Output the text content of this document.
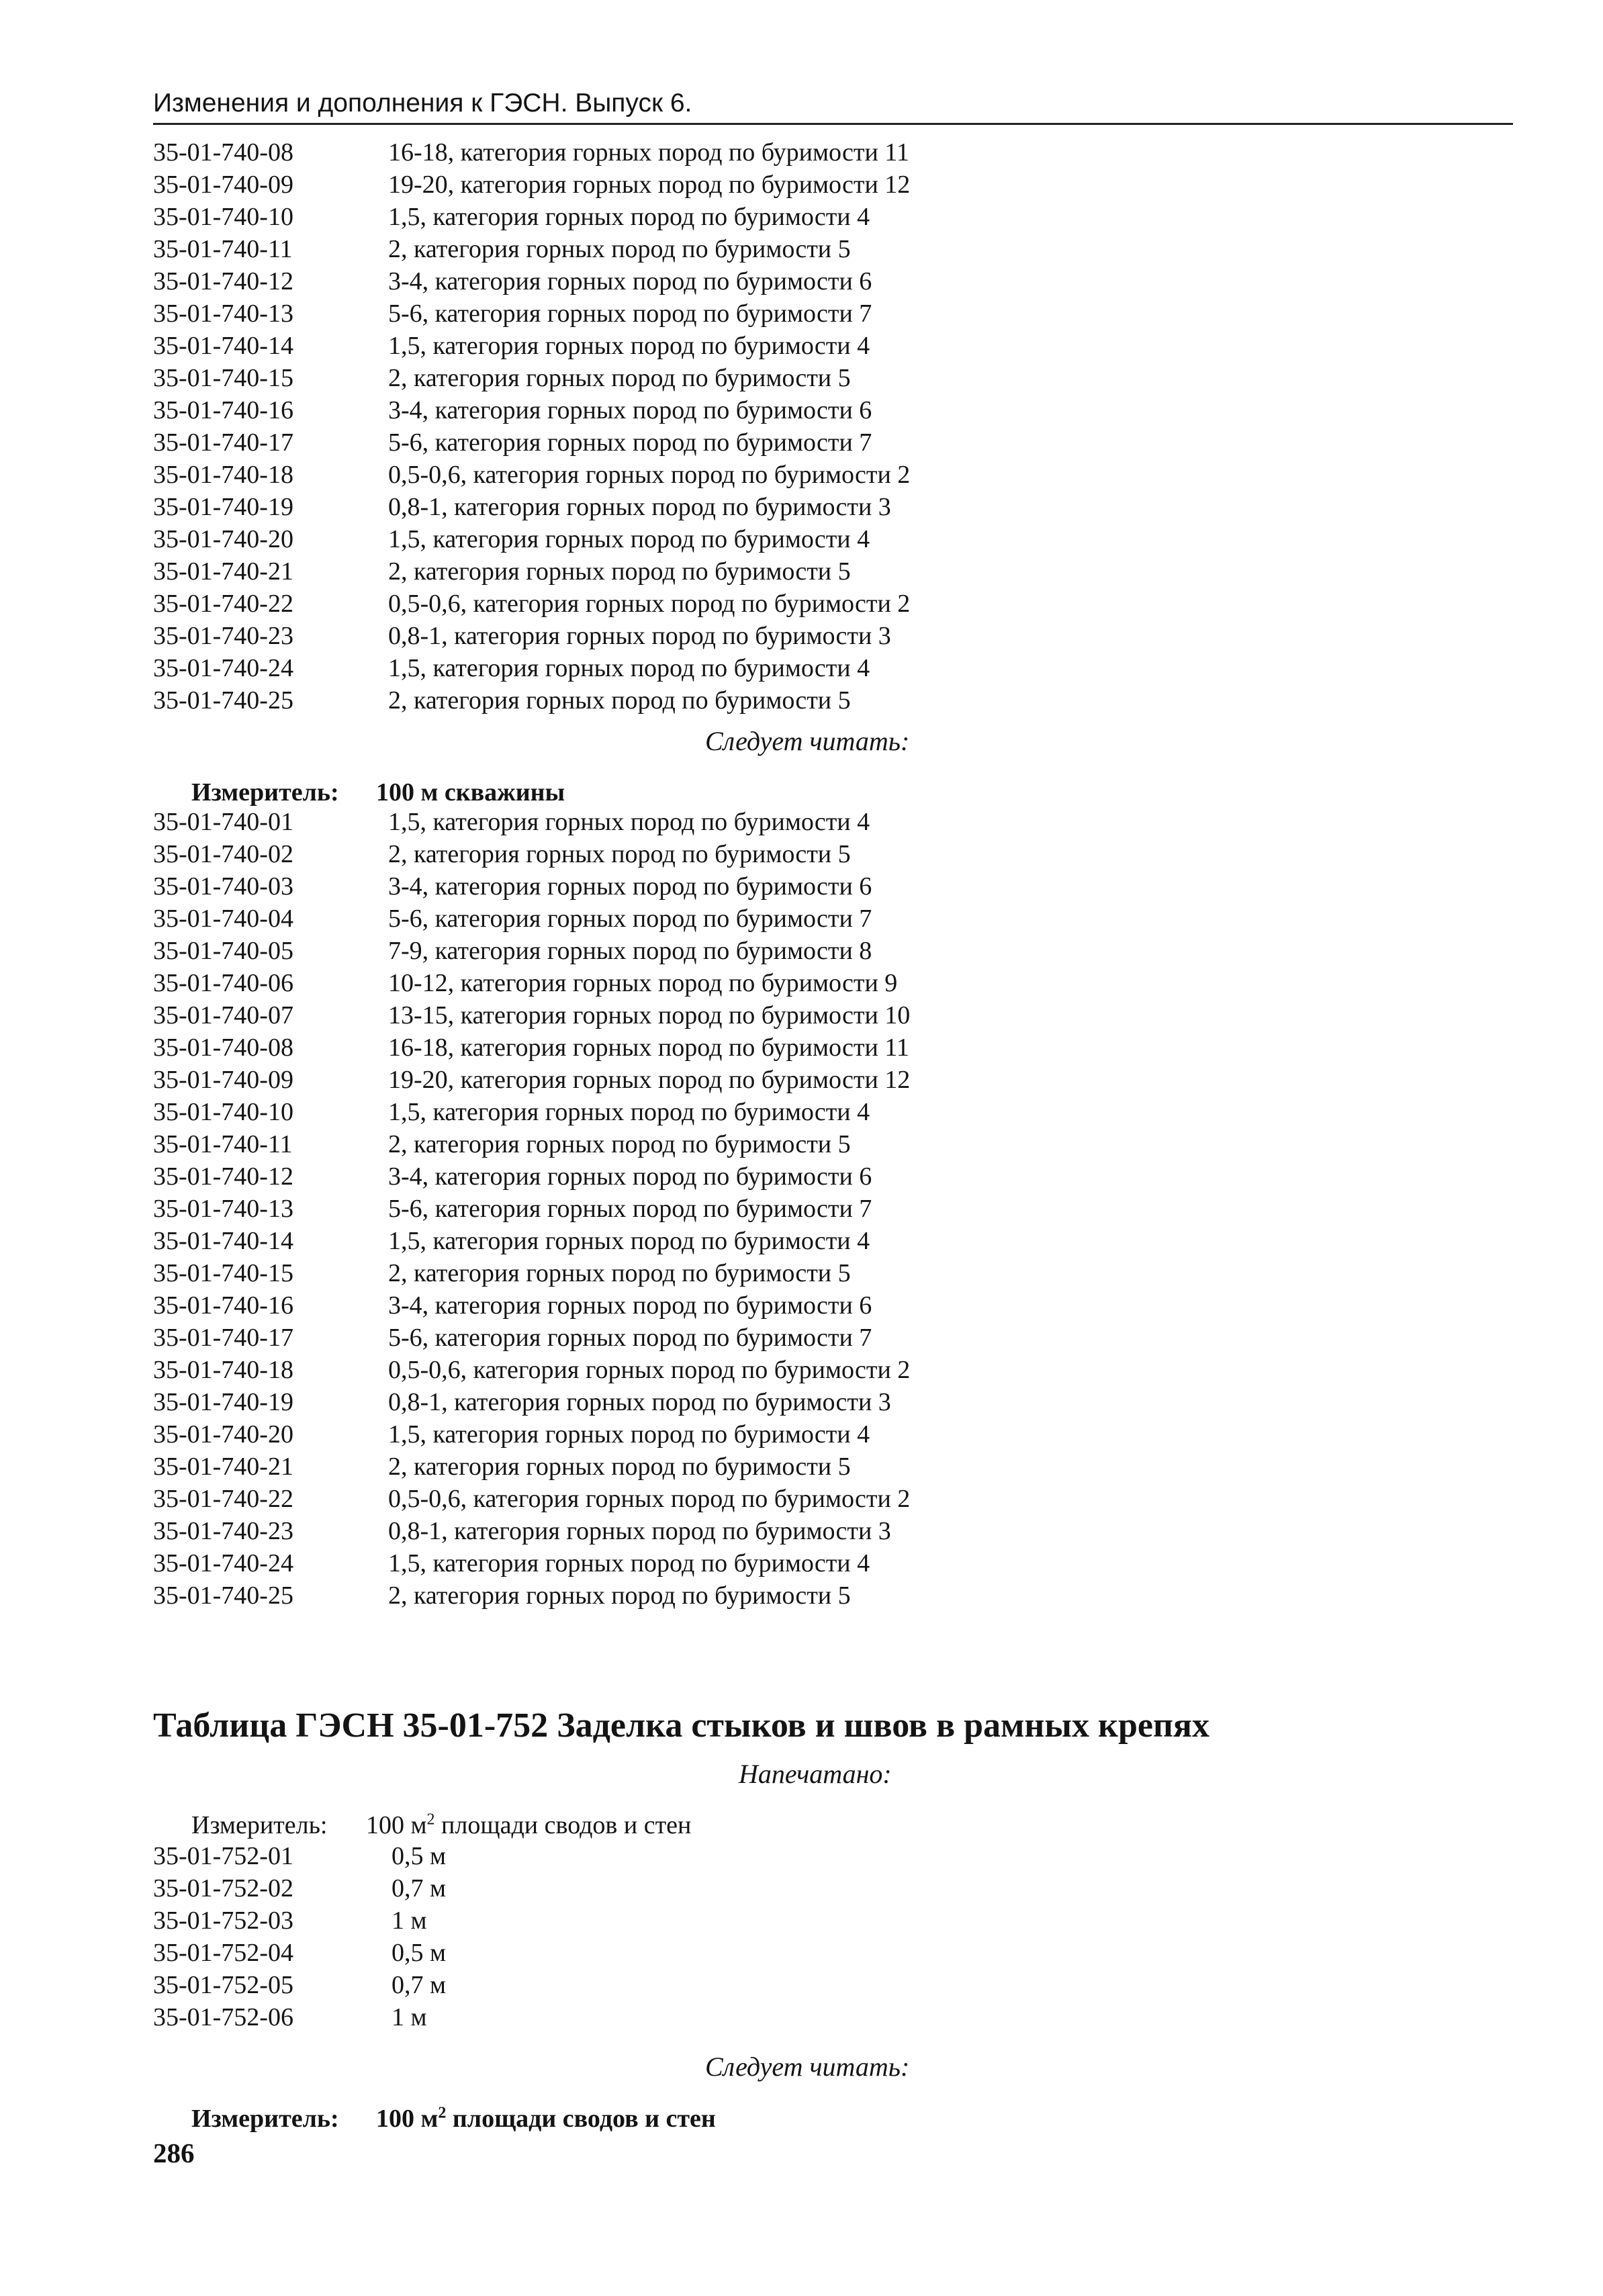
Изменения и дополнения к ГЭСН. Выпуск 6.
35-01-740-08	16-18, категория горных пород по буримости 11
35-01-740-09	19-20, категория горных пород по буримости 12
35-01-740-10	1,5, категория горных пород по буримости 4
35-01-740-11	2, категория горных пород по буримости 5
35-01-740-12	3-4, категория горных пород по буримости 6
35-01-740-13	5-6, категория горных пород по буримости 7
35-01-740-14	1,5, категория горных пород по буримости 4
35-01-740-15	2, категория горных пород по буримости 5
35-01-740-16	3-4, категория горных пород по буримости 6
35-01-740-17	5-6, категория горных пород по буримости 7
35-01-740-18	0,5-0,6, категория горных пород по буримости 2
35-01-740-19	0,8-1, категория горных пород по буримости 3
35-01-740-20	1,5, категория горных пород по буримости 4
35-01-740-21	2, категория горных пород по буримости 5
35-01-740-22	0,5-0,6, категория горных пород по буримости 2
35-01-740-23	0,8-1, категория горных пород по буримости 3
35-01-740-24	1,5, категория горных пород по буримости 4
35-01-740-25	2, категория горных пород по буримости 5
Следует читать:
Измеритель: 100 м скважины
35-01-740-01	1,5, категория горных пород по буримости 4
35-01-740-02	2, категория горных пород по буримости 5
35-01-740-03	3-4, категория горных пород по буримости 6
35-01-740-04	5-6, категория горных пород по буримости 7
35-01-740-05	7-9, категория горных пород по буримости 8
35-01-740-06	10-12, категория горных пород по буримости 9
35-01-740-07	13-15, категория горных пород по буримости 10
35-01-740-08	16-18, категория горных пород по буримости 11
35-01-740-09	19-20, категория горных пород по буримости 12
35-01-740-10	1,5, категория горных пород по буримости 4
35-01-740-11	2, категория горных пород по буримости 5
35-01-740-12	3-4, категория горных пород по буримости 6
35-01-740-13	5-6, категория горных пород по буримости 7
35-01-740-14	1,5, категория горных пород по буримости 4
35-01-740-15	2, категория горных пород по буримости 5
35-01-740-16	3-4, категория горных пород по буримости 6
35-01-740-17	5-6, категория горных пород по буримости 7
35-01-740-18	0,5-0,6, категория горных пород по буримости 2
35-01-740-19	0,8-1, категория горных пород по буримости 3
35-01-740-20	1,5, категория горных пород по буримости 4
35-01-740-21	2, категория горных пород по буримости 5
35-01-740-22	0,5-0,6, категория горных пород по буримости 2
35-01-740-23	0,8-1, категория горных пород по буримости 3
35-01-740-24	1,5, категория горных пород по буримости 4
35-01-740-25	2, категория горных пород по буримости 5
Таблица ГЭСН 35-01-752 Заделка стыков и швов в рамных крепях
Напечатано:
Измеритель: 100 $м^2$ площади сводов и стен
35-01-752-01	0,5 м
35-01-752-02	0,7 м
35-01-752-03	1 м
35-01-752-04	0,5 м
35-01-752-05	0,7 м
35-01-752-06	1 м
Следует читать:
Измеритель: 100 $м^2$ площади сводов и стен
286
